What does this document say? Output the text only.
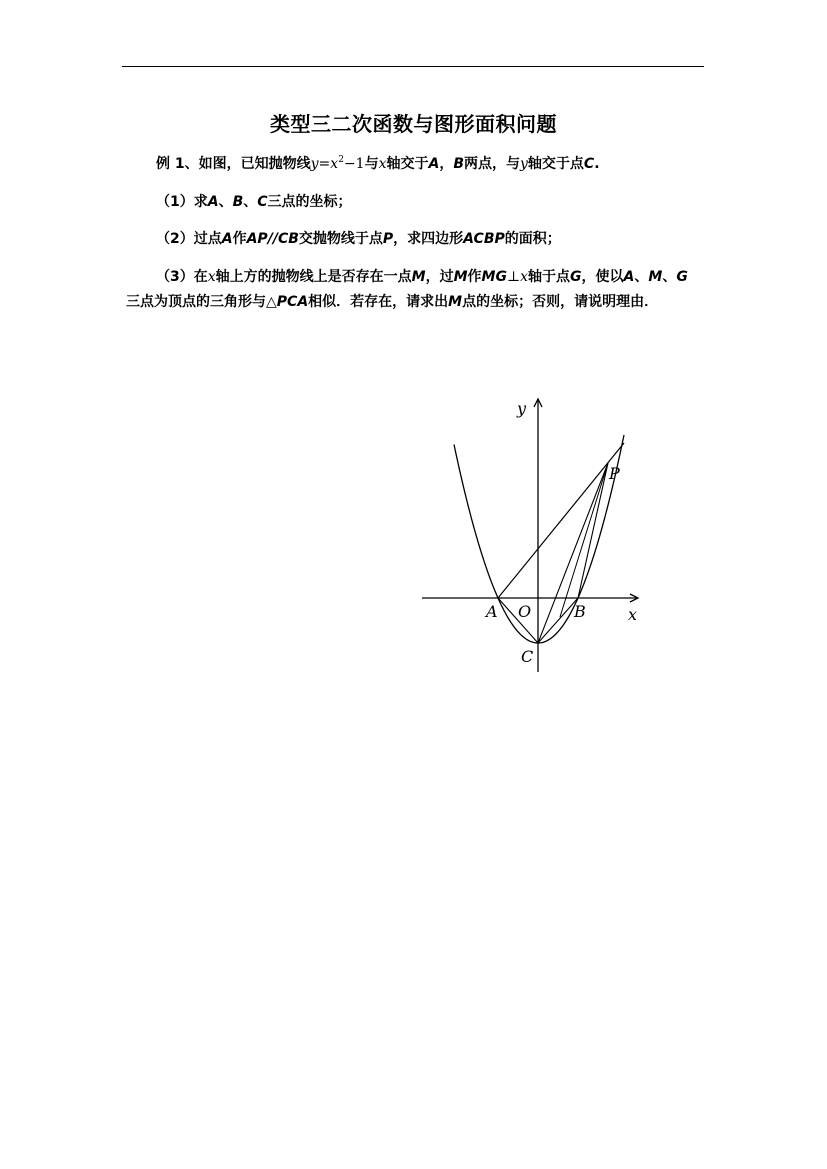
类型三二次函数与图形面积问题
例 1、如图，已知抛物线$y=x^2-1$与x轴交于A，B两点，与y轴交于点C.
（1）求A、B、C三点的坐标；
（2）过点A作AP//CB交抛物线于点P，求四边形ACBP的面积；
（3）在x轴上方的抛物线上是否存在一点M，过M作MG⊥x轴于点G，使以A、M、G三点为顶点的三角形与△PCA相似．若存在，请求出M点的坐标；否则，请说明理由．
y
x
O
A	B
C
P
